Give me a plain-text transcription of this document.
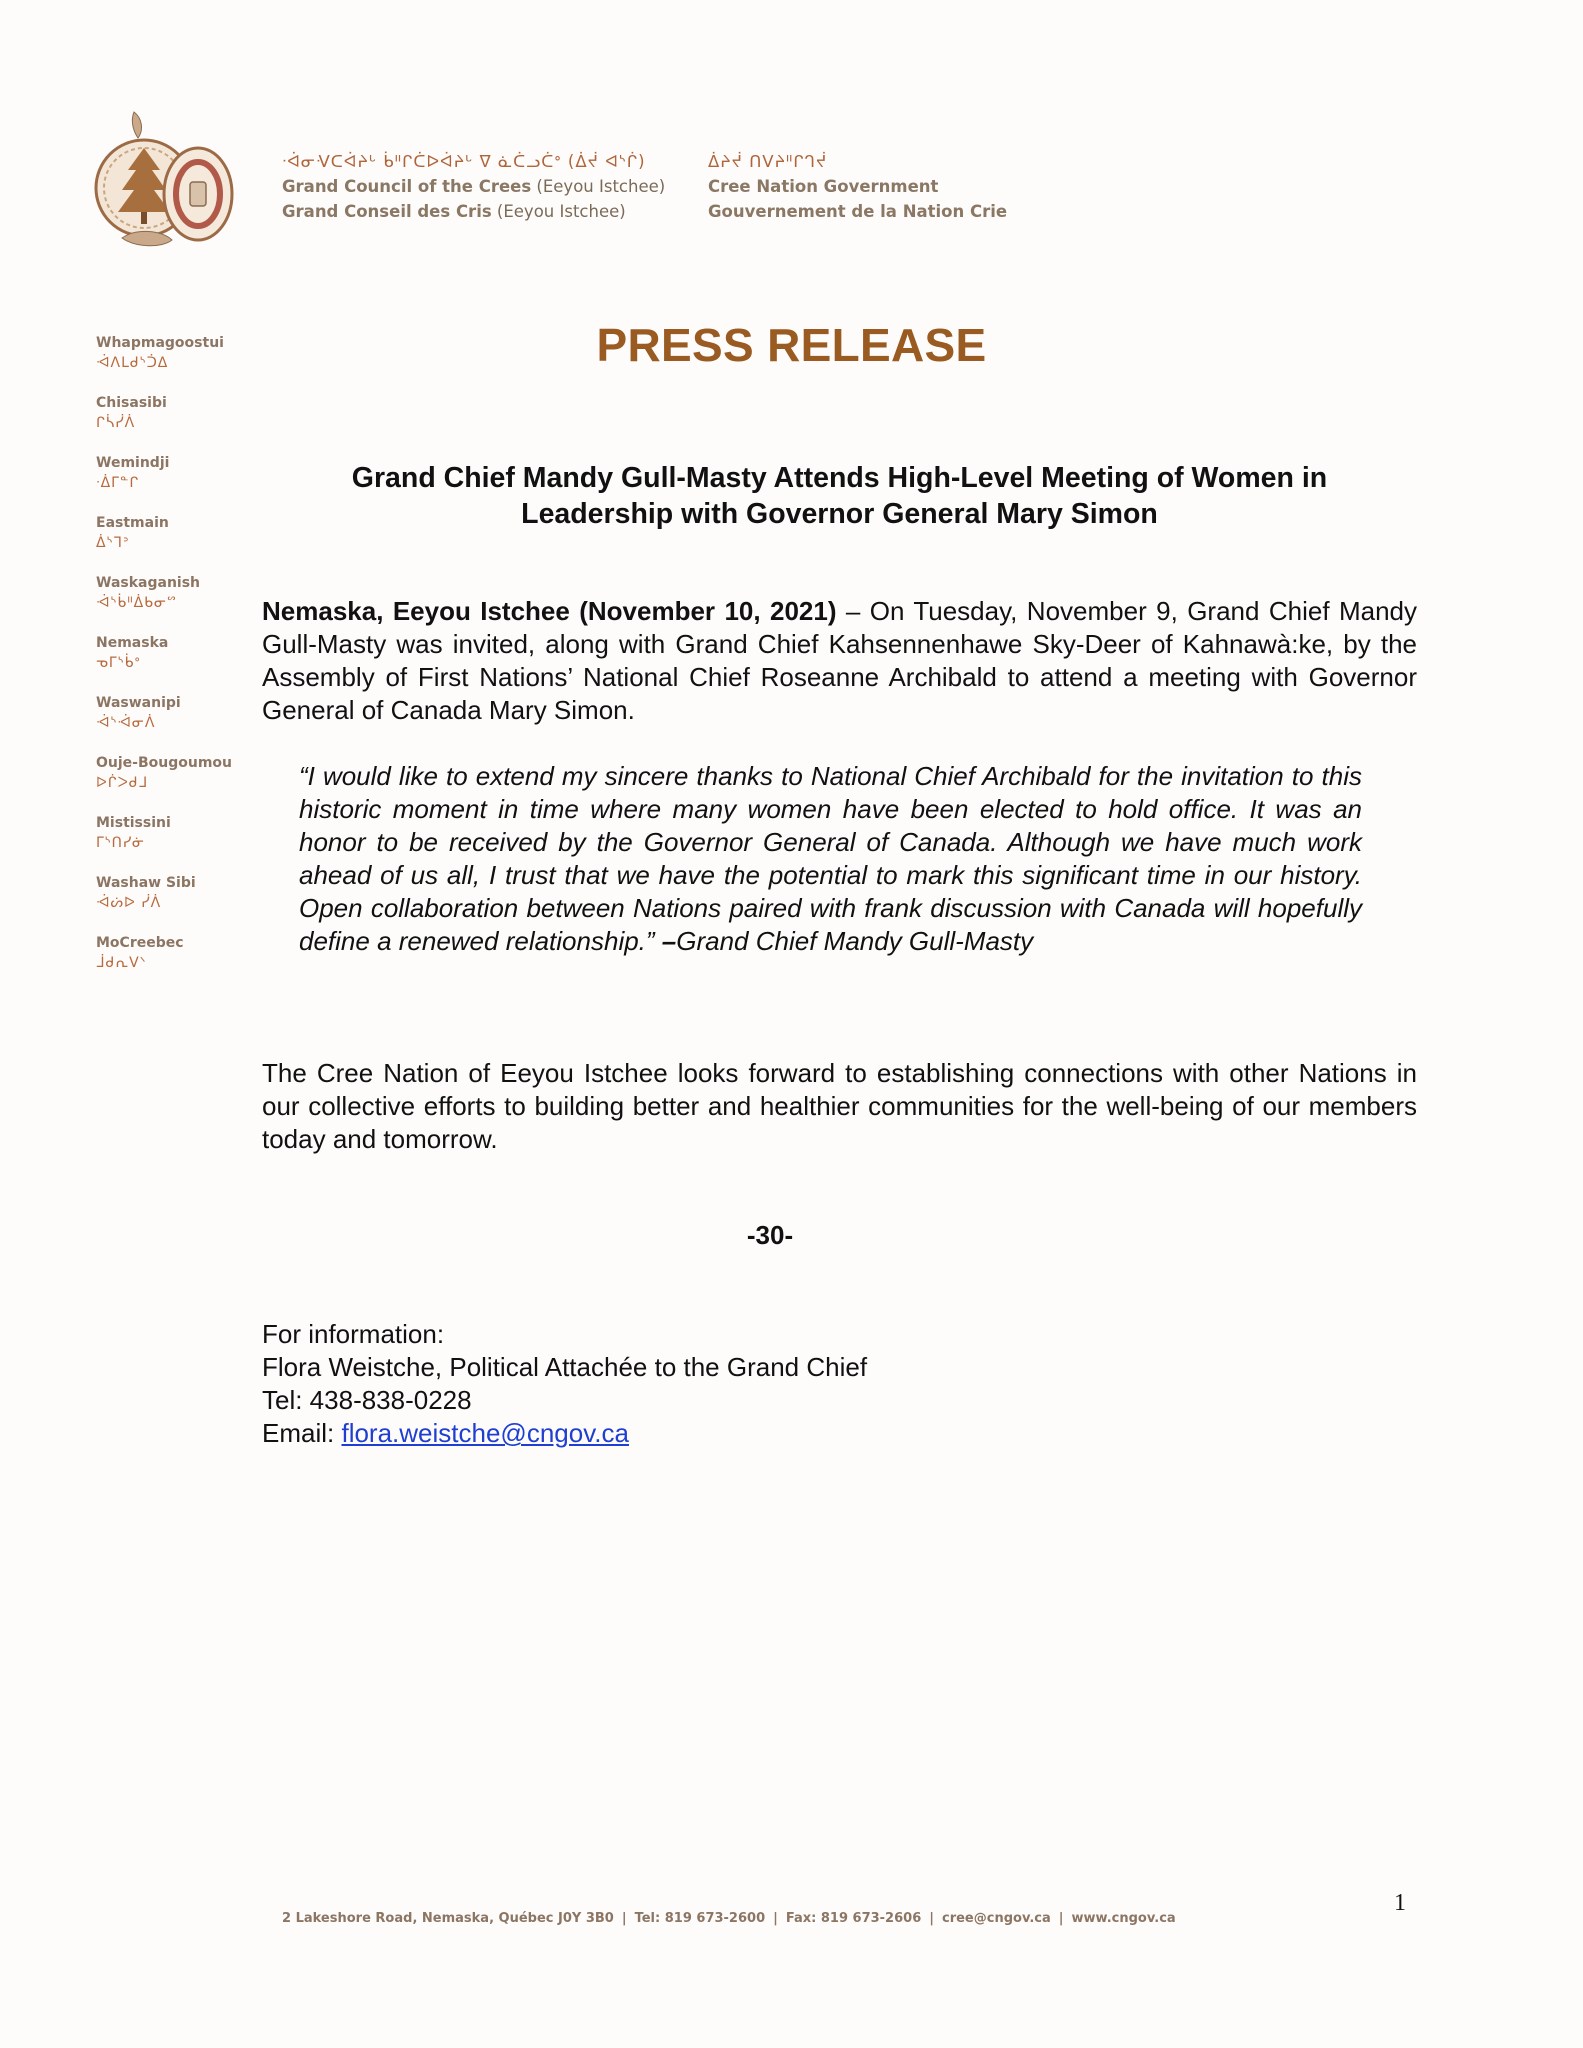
ᐧᐋᓂᐺᑕᐋᔨᒡ ᑳᐦᒋᑖᐅᐋᔨᒡ ᐁ ᓈᑖᓗᑖᐤ (ᐄᔫ ᐊᔅᒌ)
Grand Council of the Crees (Eeyou Istchee)
Grand Conseil des Cris (Eeyou Istchee)
ᐄᔨᔫ ᑎᐯᔨᐦᒋᒉᔫ
Cree Nation Government
Gouvernement de la Nation Crie
Whapmagoostui
ᐙᐱᒪᑯᔅᑑᐃ
Chisasibi
ᒋᓵᓰᐲ
Wemindji
ᐧᐄᒥᓐᒋ
Eastmain
ᐄᔅᒣᐣ
Waskaganish
ᐙᔅᑳᐦᐄᑲᓂᔥ
Nemaska
ᓀᒥᔅᑳᐤ
Waswanipi
ᐙᔅᐙᓂᐲ
Ouje-Bougoumou
ᐅᒌᐳᑯᒧ
Mistissini
ᒥᔅᑎᓯᓃ
Washaw Sibi
ᐙᔖᐅ ᓰᐲ
MoCreebec
ᒨᑯᕆᐯᐠ
PRESS RELEASE
Grand Chief Mandy Gull-Masty Attends High-Level Meeting of Women in
Leadership with Governor General Mary Simon
Nemaska, Eeyou Istchee (November 10, 2021) – On Tuesday, November 9, Grand Chief Mandy Gull-Masty was invited, along with Grand Chief Kahsennenhawe Sky-Deer of Kahnawà:ke, by the Assembly of First Nations’ National Chief Roseanne Archibald to attend a meeting with Governor General of Canada Mary Simon.
“I would like to extend my sincere thanks to National Chief Archibald for the invitation to this historic moment in time where many women have been elected to hold office. It was an honor to be received by the Governor General of Canada. Although we have much work ahead of us all, I trust that we have the potential to mark this significant time in our history. Open collaboration between Nations paired with frank discussion with Canada will hopefully define a renewed relationship.” –Grand Chief Mandy Gull-Masty
The Cree Nation of Eeyou Istchee looks forward to establishing connections with other Nations in our collective efforts to building better and healthier communities for the well-being of our members today and tomorrow.
-30-
For information:
Flora Weistche, Political Attachée to the Grand Chief
Tel: 438-838-0228
Email: flora.weistche@cngov.ca
2 Lakeshore Road, Nemaska, Québec J0Y 3B0 | Tel: 819 673-2600 | Fax: 819 673-2606 | cree@cngov.ca | www.cngov.ca
1
